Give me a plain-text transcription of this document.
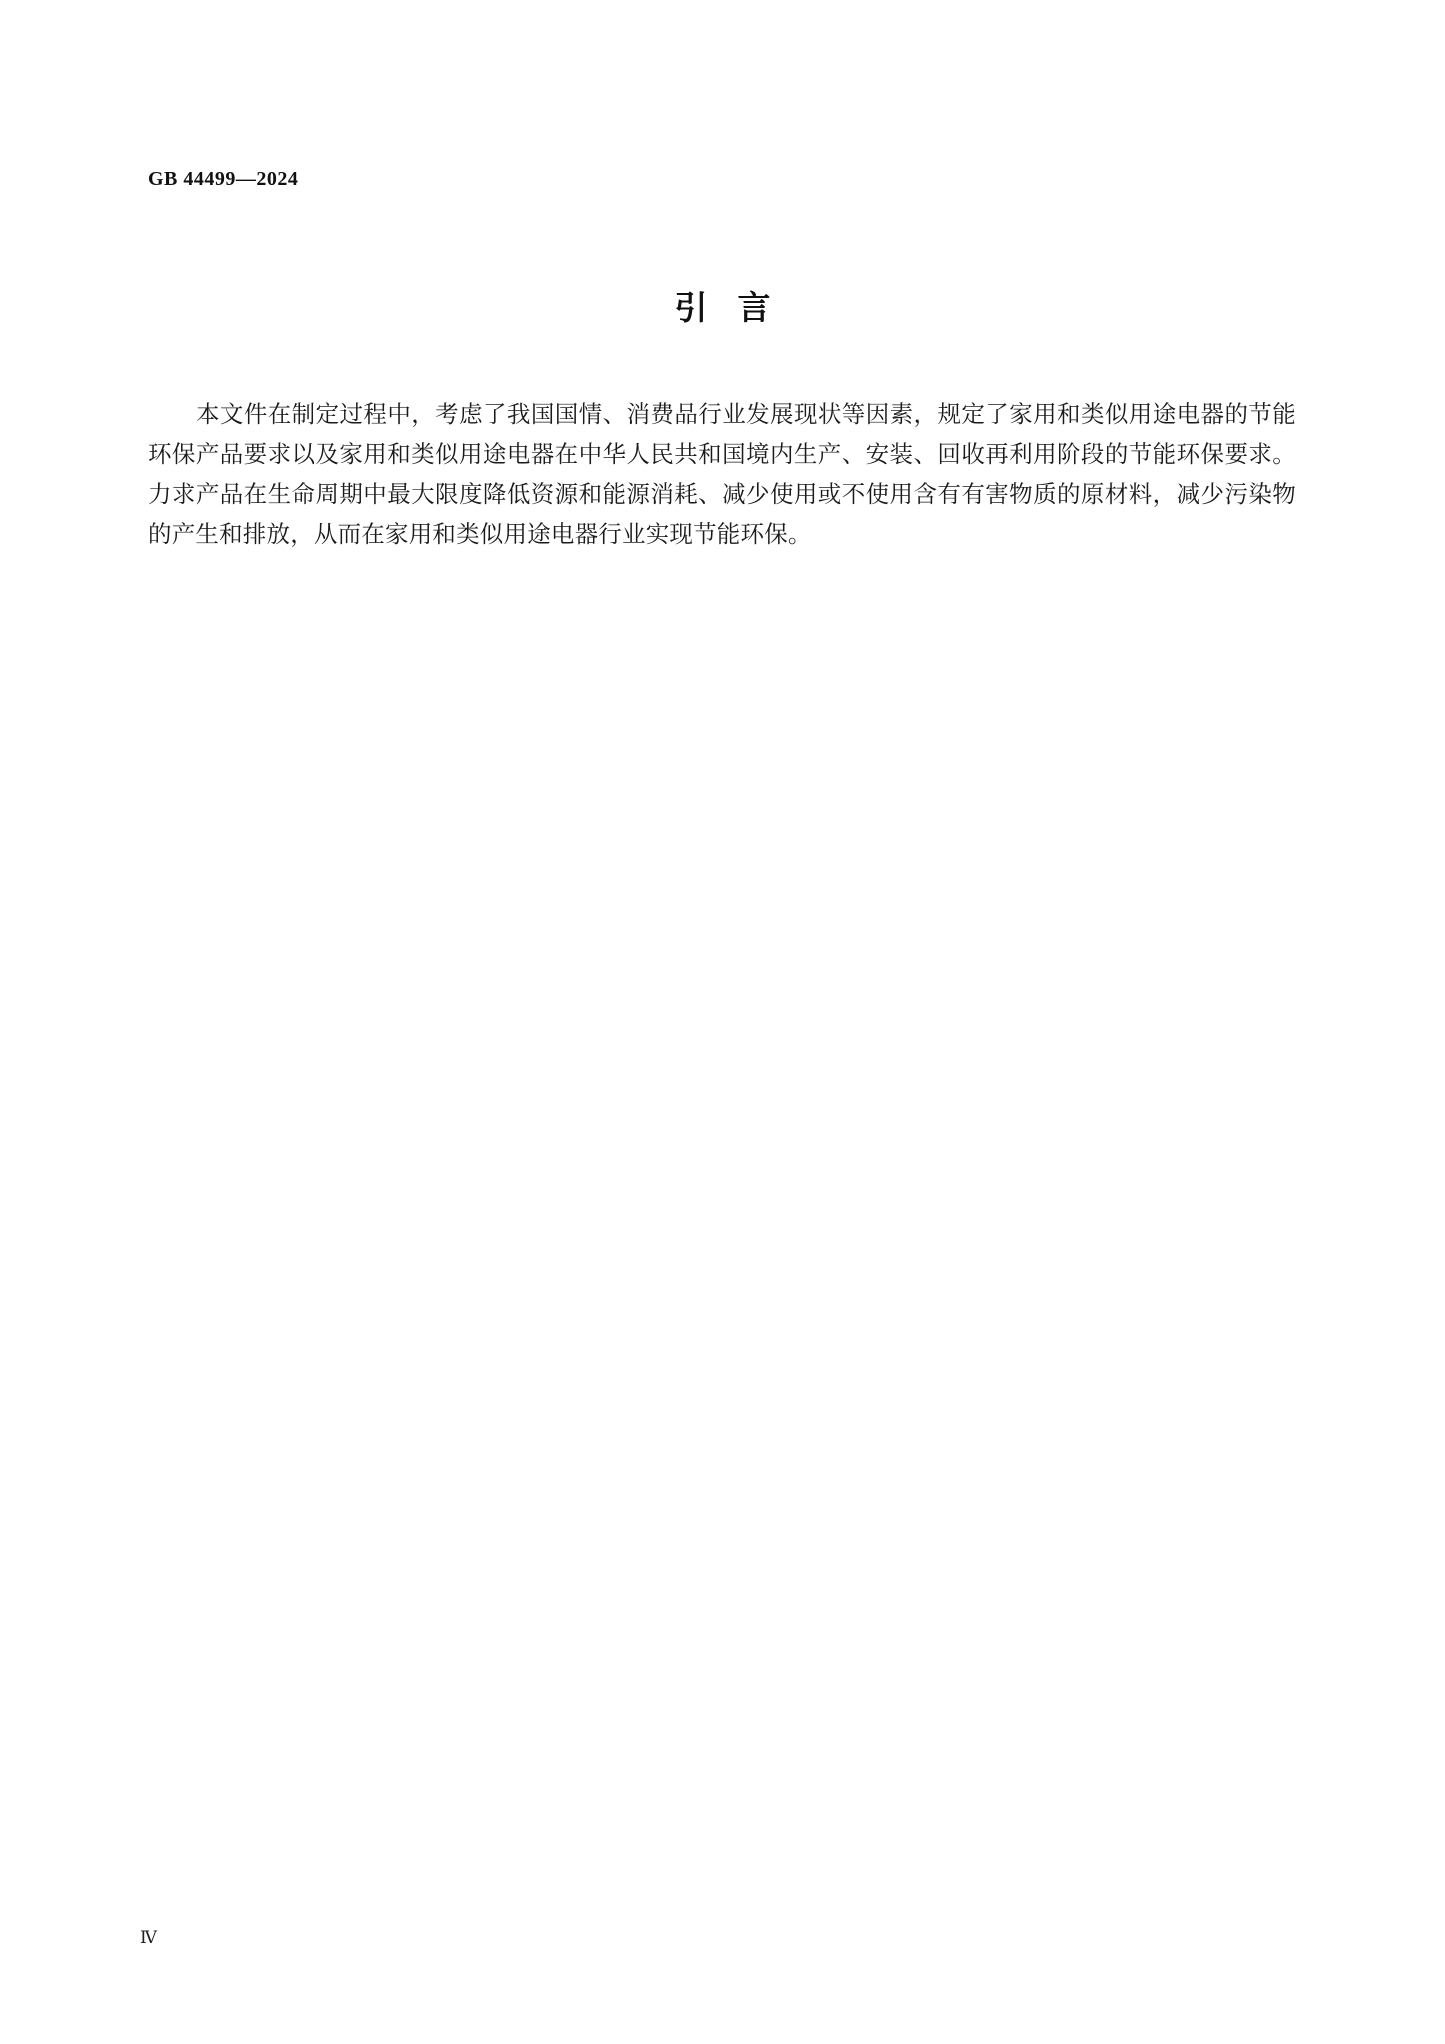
GB 44499—2024
引言

本文件在制定过程中，考虑了我国国情、消费品行业发展现状等因素，规定了家用和类似用途电器的节能环保产品要求以及家用和类似用途电器在中华人民共和国境内生产、安装、回收再利用阶段的节能环保要求。力求产品在生命周期中最大限度降低资源和能源消耗、减少使用或不使用含有有害物质的原材料，减少污染物的产生和排放，从而在家用和类似用途电器行业实现节能环保。

Ⅳ
